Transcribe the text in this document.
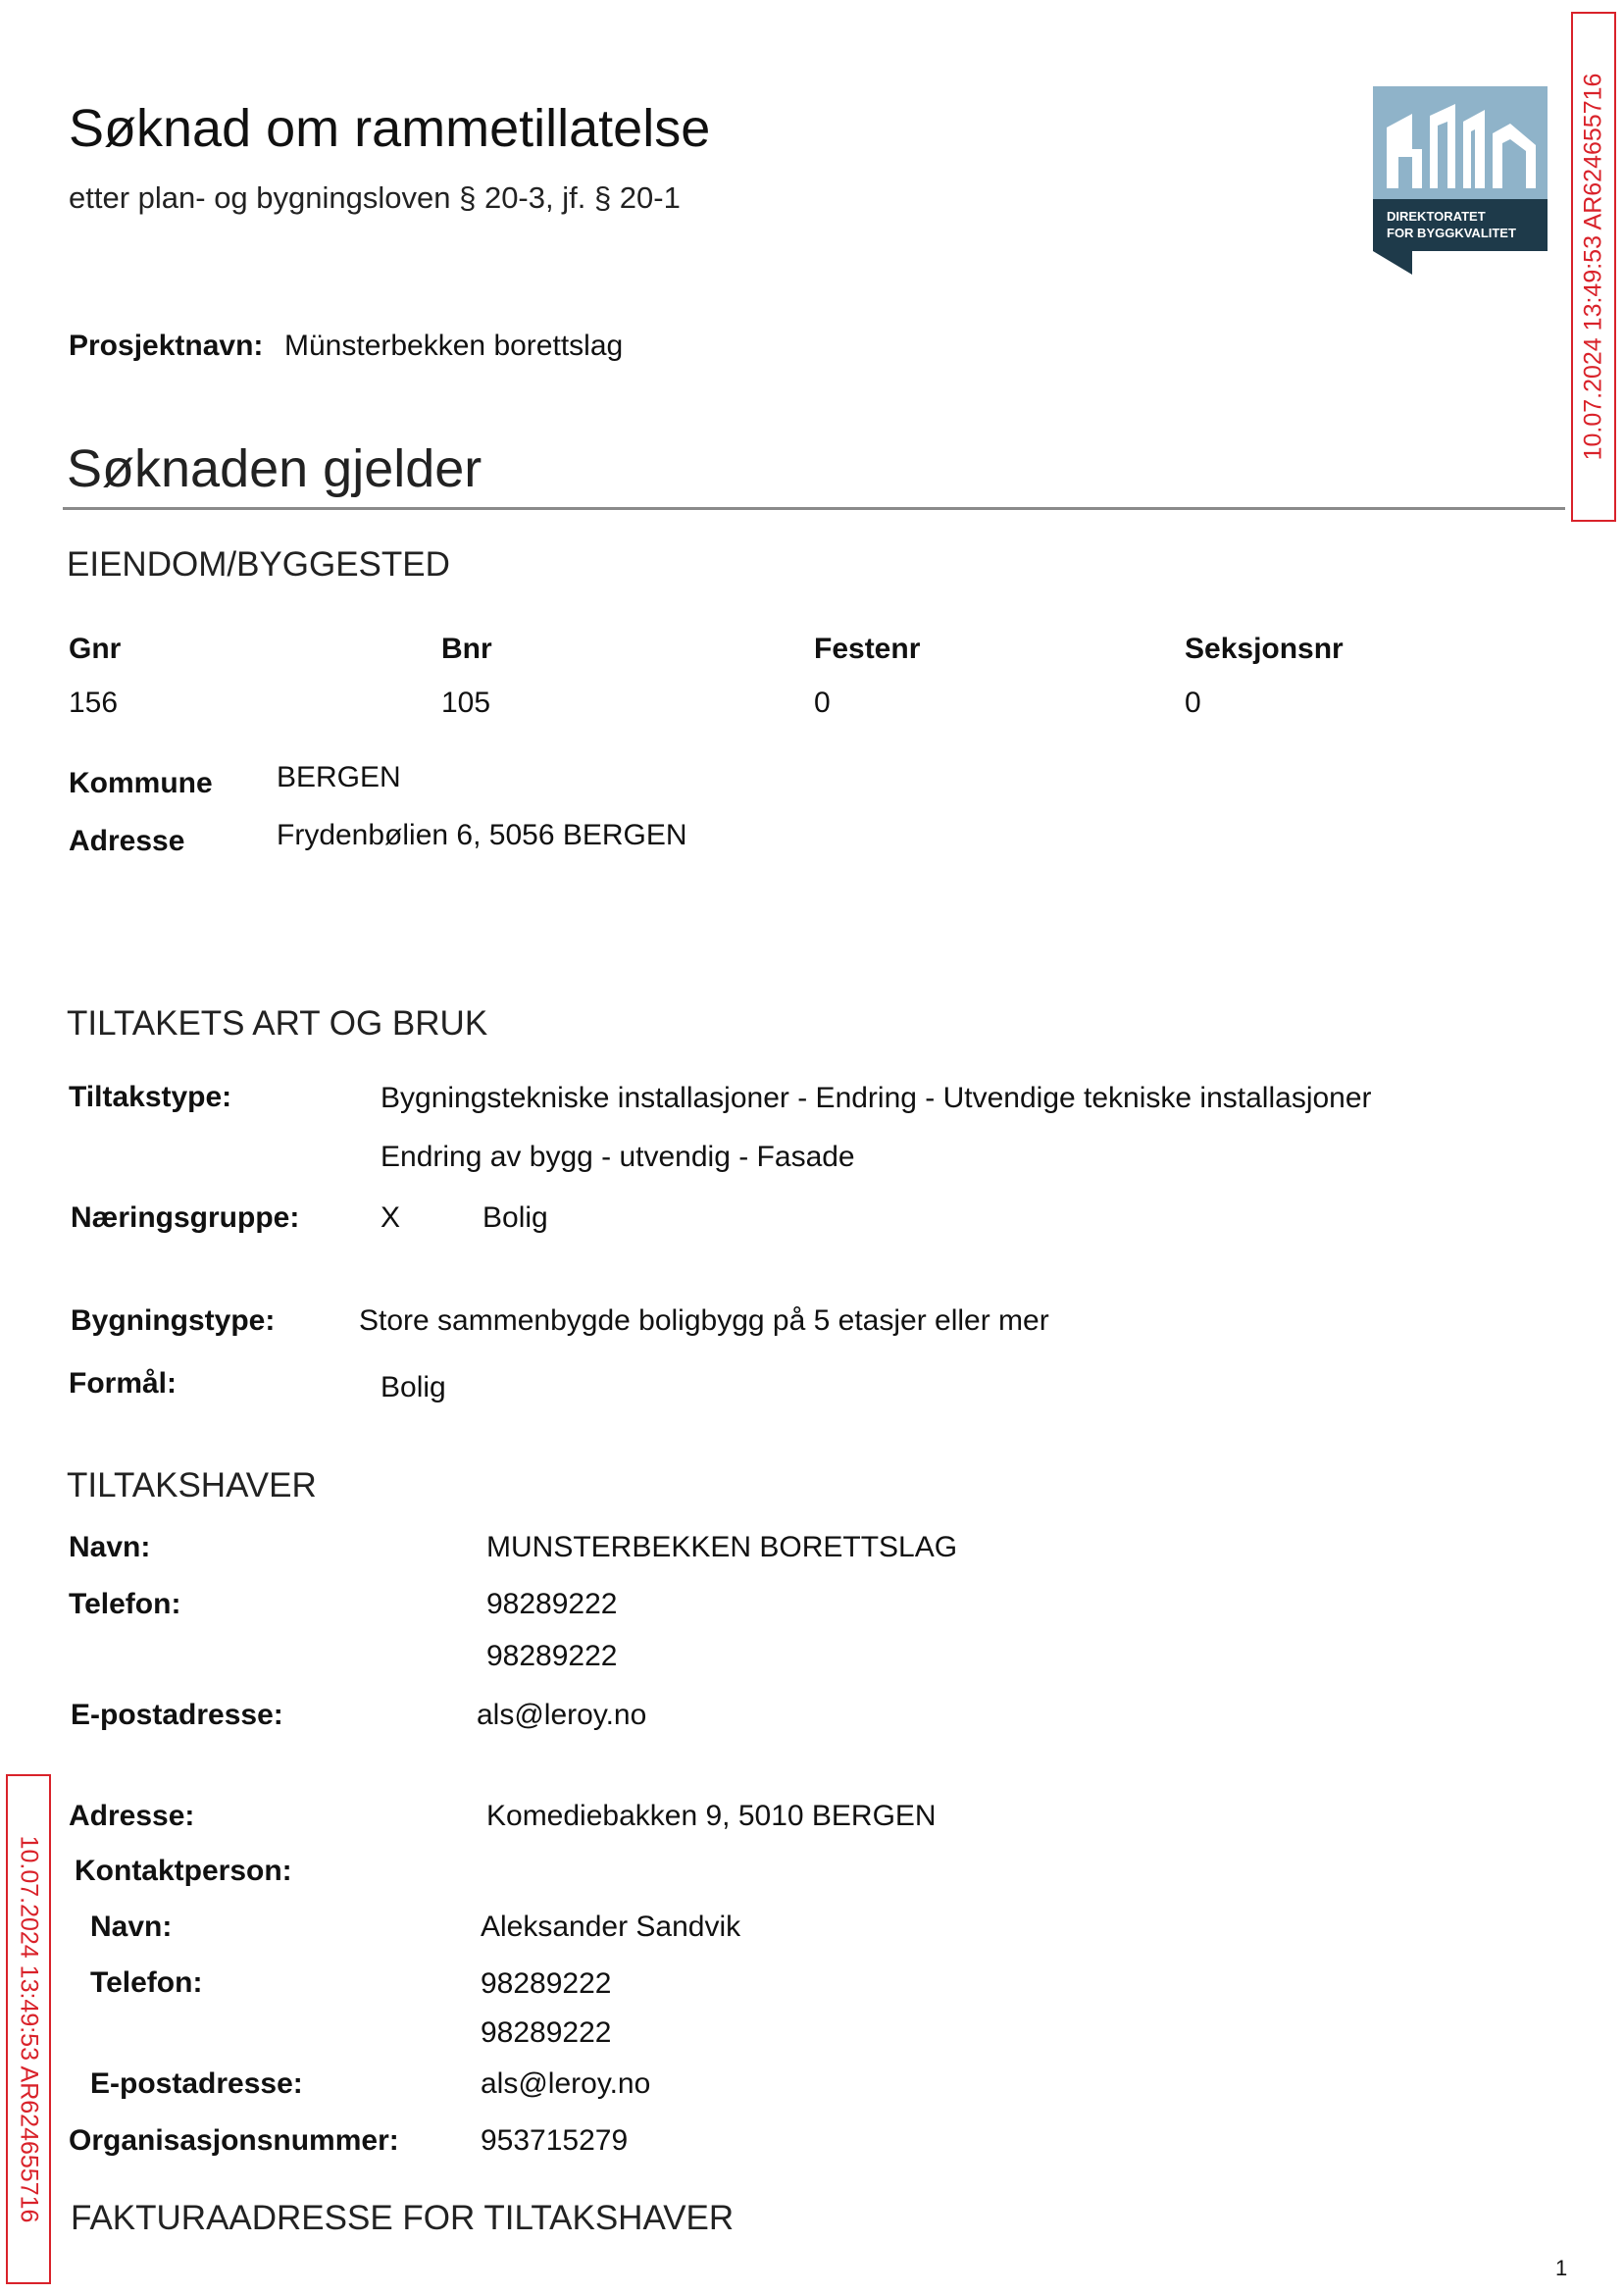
Søknad om rammetillatelse
etter plan- og bygningsloven § 20-3, jf. § 20-1
DIREKTORATET
FOR BYGGKVALITET	10.07.2024 13:49:53 AR624655716
10.07.2024 13:49:53 AR624655716
Prosjektnavn: Münsterbekken borettslag
Søknaden gjelder
EIENDOM/BYGGESTED
Gnr	Bnr	Festenr	Seksjonsnr
156	105	0	0
Kommune BERGEN
Adresse	Frydenbølien 6, 5056 BERGEN
TILTAKETS ART OG BRUK
Tiltakstype:	Bygningstekniske installasjoner - Endring - Utvendige tekniske installasjoner
Endring av bygg - utvendig - Fasade
Næringsgruppe:	X	Bolig
Bygningstype:	Store sammenbygde boligbygg på 5 etasjer eller mer
Formål:	Bolig
TILTAKSHAVER
Navn:	MUNSTERBEKKEN BORETTSLAG
Telefon:	98289222
98289222
E-postadresse:	als@leroy.no
Adresse:	Komediebakken 9, 5010 BERGEN
Kontaktperson:
Navn:	Aleksander Sandvik
Telefon:	98289222
98289222
E-postadresse:	als@leroy.no
Organisasjonsnummer:	953715279
FAKTURAADRESSE FOR TILTAKSHAVER
1
